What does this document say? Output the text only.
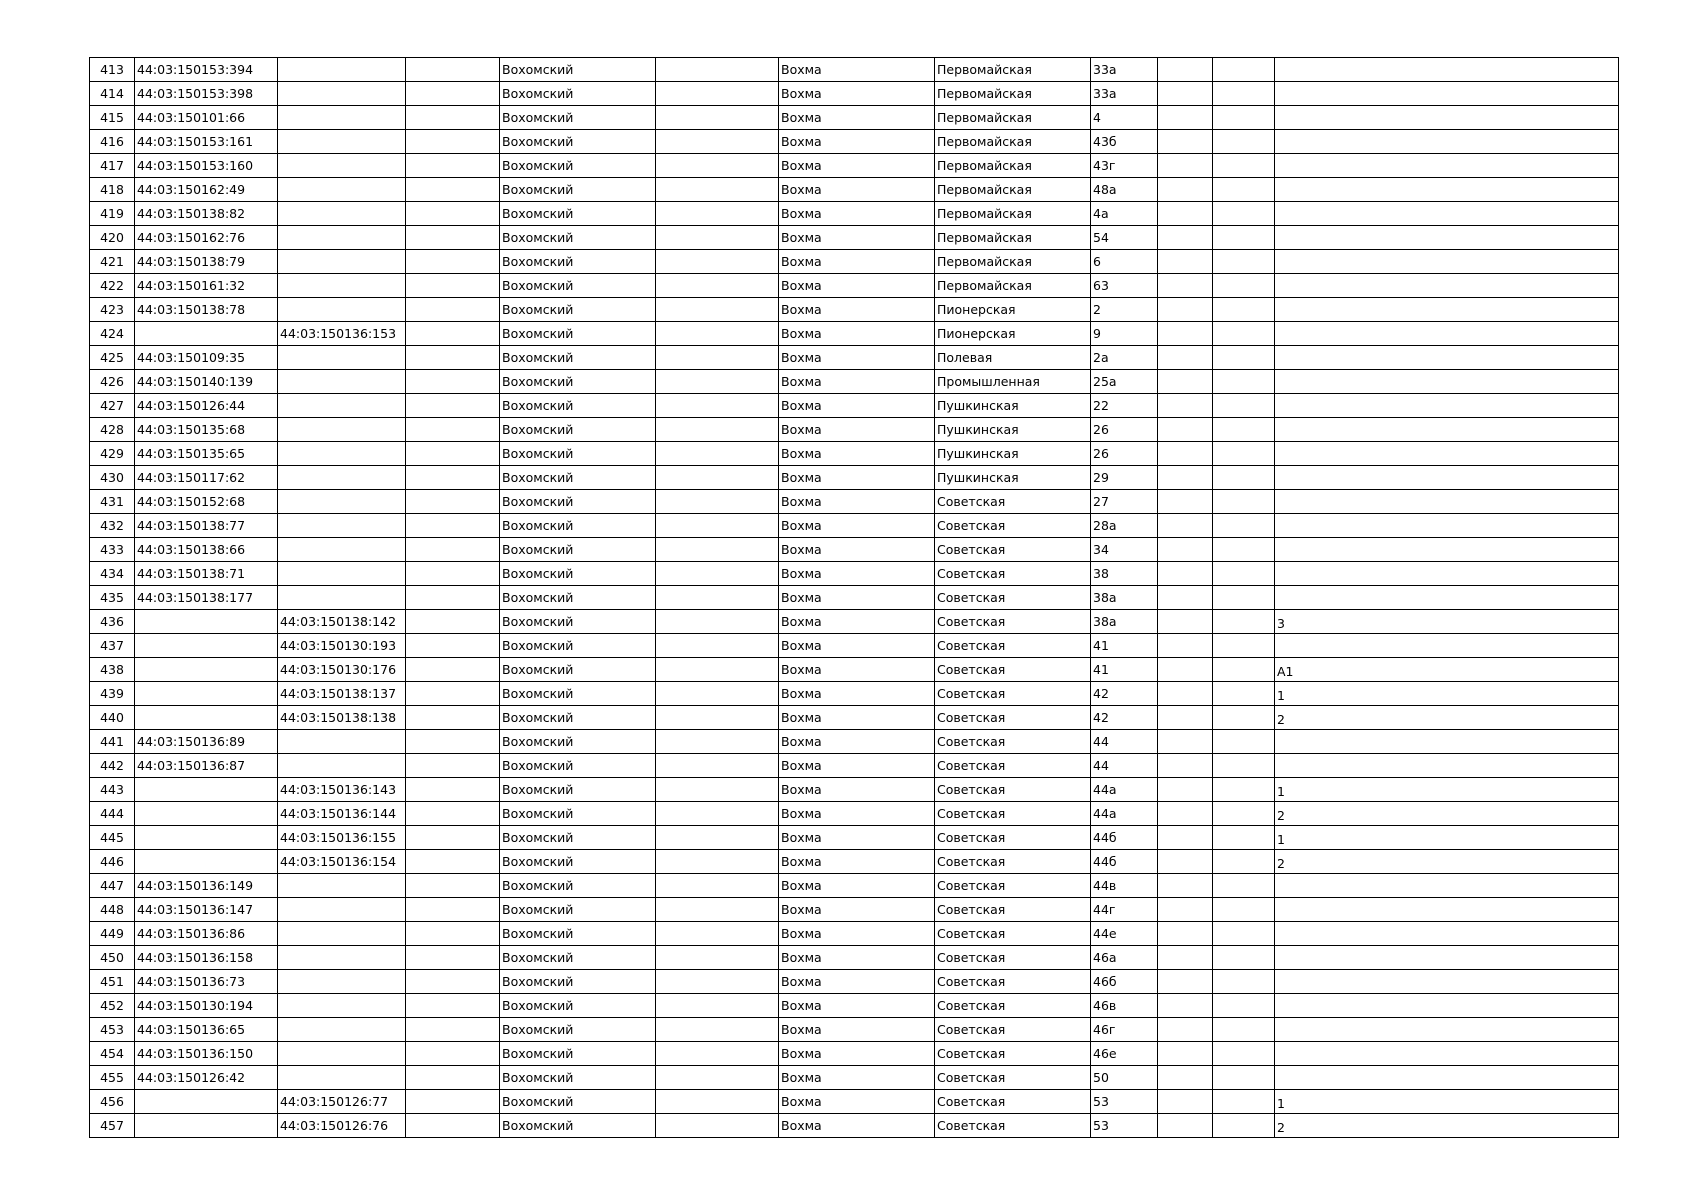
413	44:03:150153:394			Вохомский		Вохма	Первомайская	33а			
414	44:03:150153:398			Вохомский		Вохма	Первомайская	33а			
415	44:03:150101:66			Вохомский		Вохма	Первомайская	4			
416	44:03:150153:161			Вохомский		Вохма	Первомайская	43б			
417	44:03:150153:160			Вохомский		Вохма	Первомайская	43г			
418	44:03:150162:49			Вохомский		Вохма	Первомайская	48а			
419	44:03:150138:82			Вохомский		Вохма	Первомайская	4а			
420	44:03:150162:76			Вохомский		Вохма	Первомайская	54			
421	44:03:150138:79			Вохомский		Вохма	Первомайская	6			
422	44:03:150161:32			Вохомский		Вохма	Первомайская	63			
423	44:03:150138:78			Вохомский		Вохма	Пионерская	2			
424		44:03:150136:153		Вохомский		Вохма	Пионерская	9			
425	44:03:150109:35			Вохомский		Вохма	Полевая	2а			
426	44:03:150140:139			Вохомский		Вохма	Промышленная	25а			
427	44:03:150126:44			Вохомский		Вохма	Пушкинская	22			
428	44:03:150135:68			Вохомский		Вохма	Пушкинская	26			
429	44:03:150135:65			Вохомский		Вохма	Пушкинская	26			
430	44:03:150117:62			Вохомский		Вохма	Пушкинская	29			
431	44:03:150152:68			Вохомский		Вохма	Советская	27			
432	44:03:150138:77			Вохомский		Вохма	Советская	28а			
433	44:03:150138:66			Вохомский		Вохма	Советская	34			
434	44:03:150138:71			Вохомский		Вохма	Советская	38			
435	44:03:150138:177			Вохомский		Вохма	Советская	38а			
436		44:03:150138:142		Вохомский		Вохма	Советская	38а			3
437		44:03:150130:193		Вохомский		Вохма	Советская	41			
438		44:03:150130:176		Вохомский		Вохма	Советская	41			А1
439		44:03:150138:137		Вохомский		Вохма	Советская	42			1
440		44:03:150138:138		Вохомский		Вохма	Советская	42			2
441	44:03:150136:89			Вохомский		Вохма	Советская	44			
442	44:03:150136:87			Вохомский		Вохма	Советская	44			
443		44:03:150136:143		Вохомский		Вохма	Советская	44а			1
444		44:03:150136:144		Вохомский		Вохма	Советская	44а			2
445		44:03:150136:155		Вохомский		Вохма	Советская	44б			1
446		44:03:150136:154		Вохомский		Вохма	Советская	44б			2
447	44:03:150136:149			Вохомский		Вохма	Советская	44в			
448	44:03:150136:147			Вохомский		Вохма	Советская	44г			
449	44:03:150136:86			Вохомский		Вохма	Советская	44е			
450	44:03:150136:158			Вохомский		Вохма	Советская	46а			
451	44:03:150136:73			Вохомский		Вохма	Советская	46б			
452	44:03:150130:194			Вохомский		Вохма	Советская	46в			
453	44:03:150136:65			Вохомский		Вохма	Советская	46г			
454	44:03:150136:150			Вохомский		Вохма	Советская	46е			
455	44:03:150126:42			Вохомский		Вохма	Советская	50			
456		44:03:150126:77		Вохомский		Вохма	Советская	53			1
457		44:03:150126:76		Вохомский		Вохма	Советская	53			2
